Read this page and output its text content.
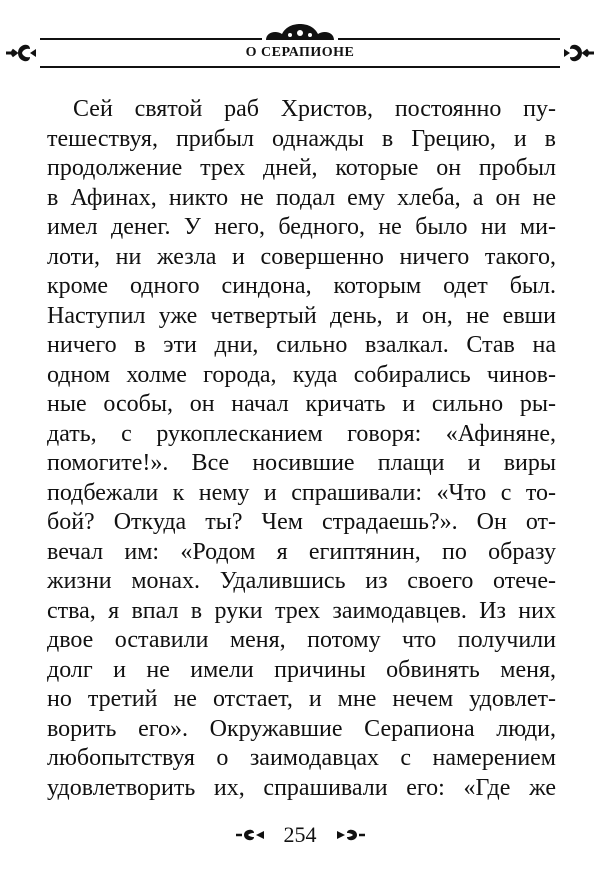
О СЕРАПИОНЕ
Сей святой раб Христов, постоянно пу-
тешествуя, прибыл однажды в Грецию, и в
продолжение трех дней, которые он пробыл
в Афинах, никто не подал ему хлеба, а он не
имел денег. У него, бедного, не было ни ми-
лоти, ни жезла и совершенно ничего такого,
кроме одного синдона, которым одет был.
Наступил уже четвертый день, и он, не евши
ничего в эти дни, сильно взалкал. Став на
одном холме города, куда собирались чинов-
ные особы, он начал кричать и сильно ры-
дать, с рукоплесканием говоря: «Афиняне,
помогите!». Все носившие плащи и виры
подбежали к нему и спрашивали: «Что с то-
бой? Откуда ты? Чем страдаешь?». Он от-
вечал им: «Родом я египтянин, по образу
жизни монах. Удалившись из своего отече-
ства, я впал в руки трех заимодавцев. Из них
двое оставили меня, потому что получили
долг и не имели причины обвинять меня,
но третий не отстает, и мне нечем удовлет-
ворить его». Окружавшие Серапиона люди,
любопытствуя о заимодавцах с намерением
удовлетворить их, спрашивали его: «Где же
254
